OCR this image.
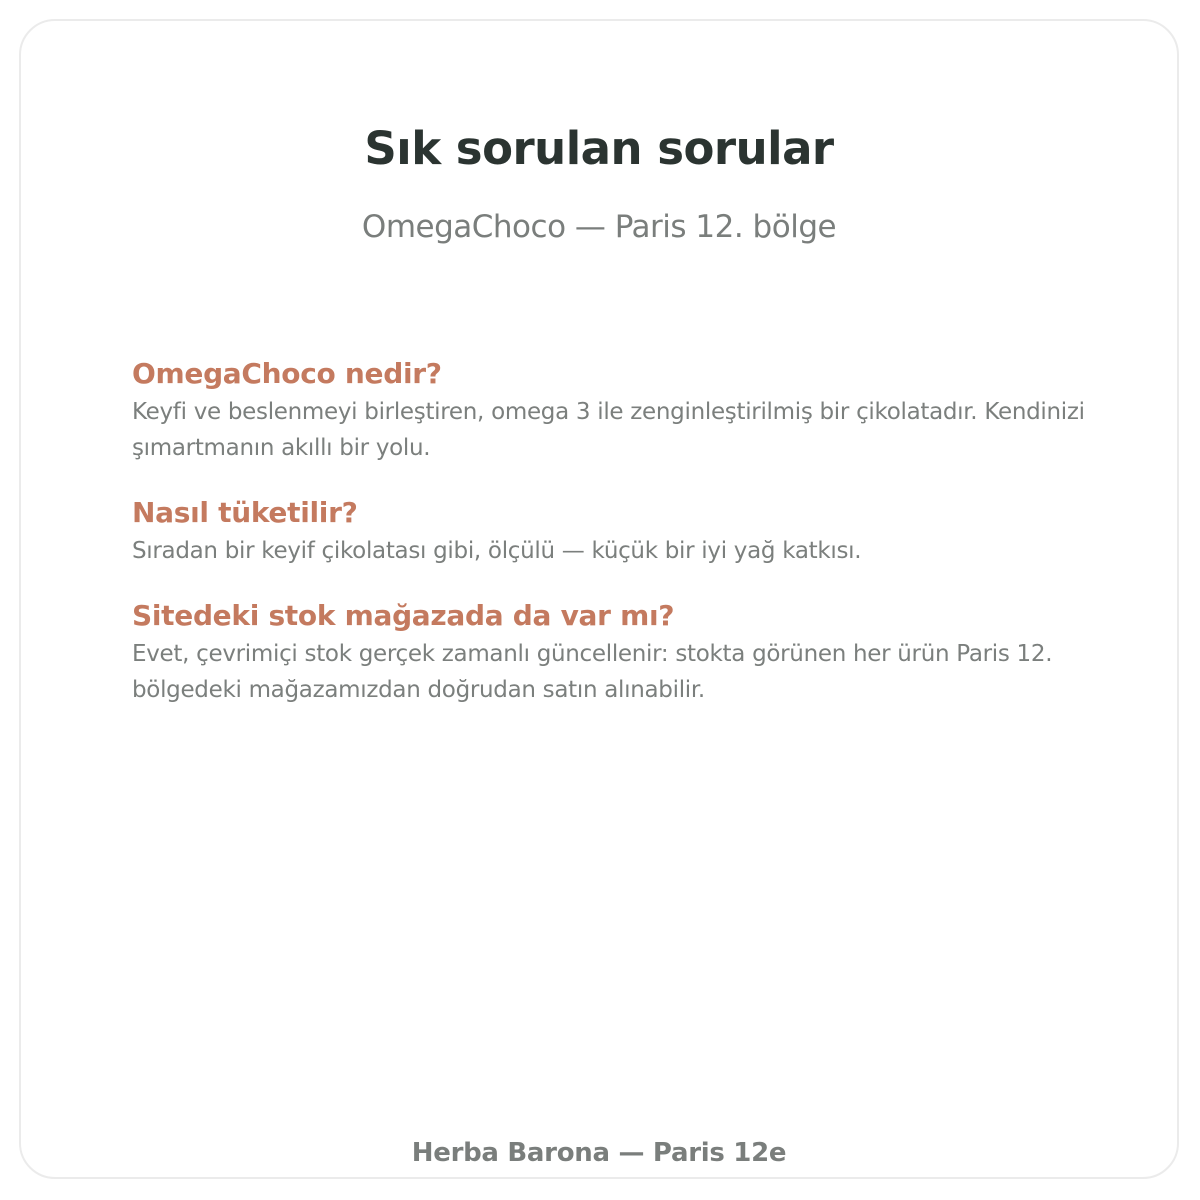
Sık sorulan sorular
OmegaChoco — Paris 12. bölge
OmegaChoco nedir?

Keyfi ve beslenmeyi birleştiren, omega 3 ile zenginleştirilmiş bir çikolatadır. Kendinizi şımartmanın akıllı bir yolu.

Nasıl tüketilir?

Sıradan bir keyif çikolatası gibi, ölçülü — küçük bir iyi yağ katkısı.

Sitedeki stok mağazada da var mı?

Evet, çevrimiçi stok gerçek zamanlı güncellenir: stokta görünen her ürün Paris 12. bölgedeki mağazamızdan doğrudan satın alınabilir.

Herba Barona — Paris 12e
